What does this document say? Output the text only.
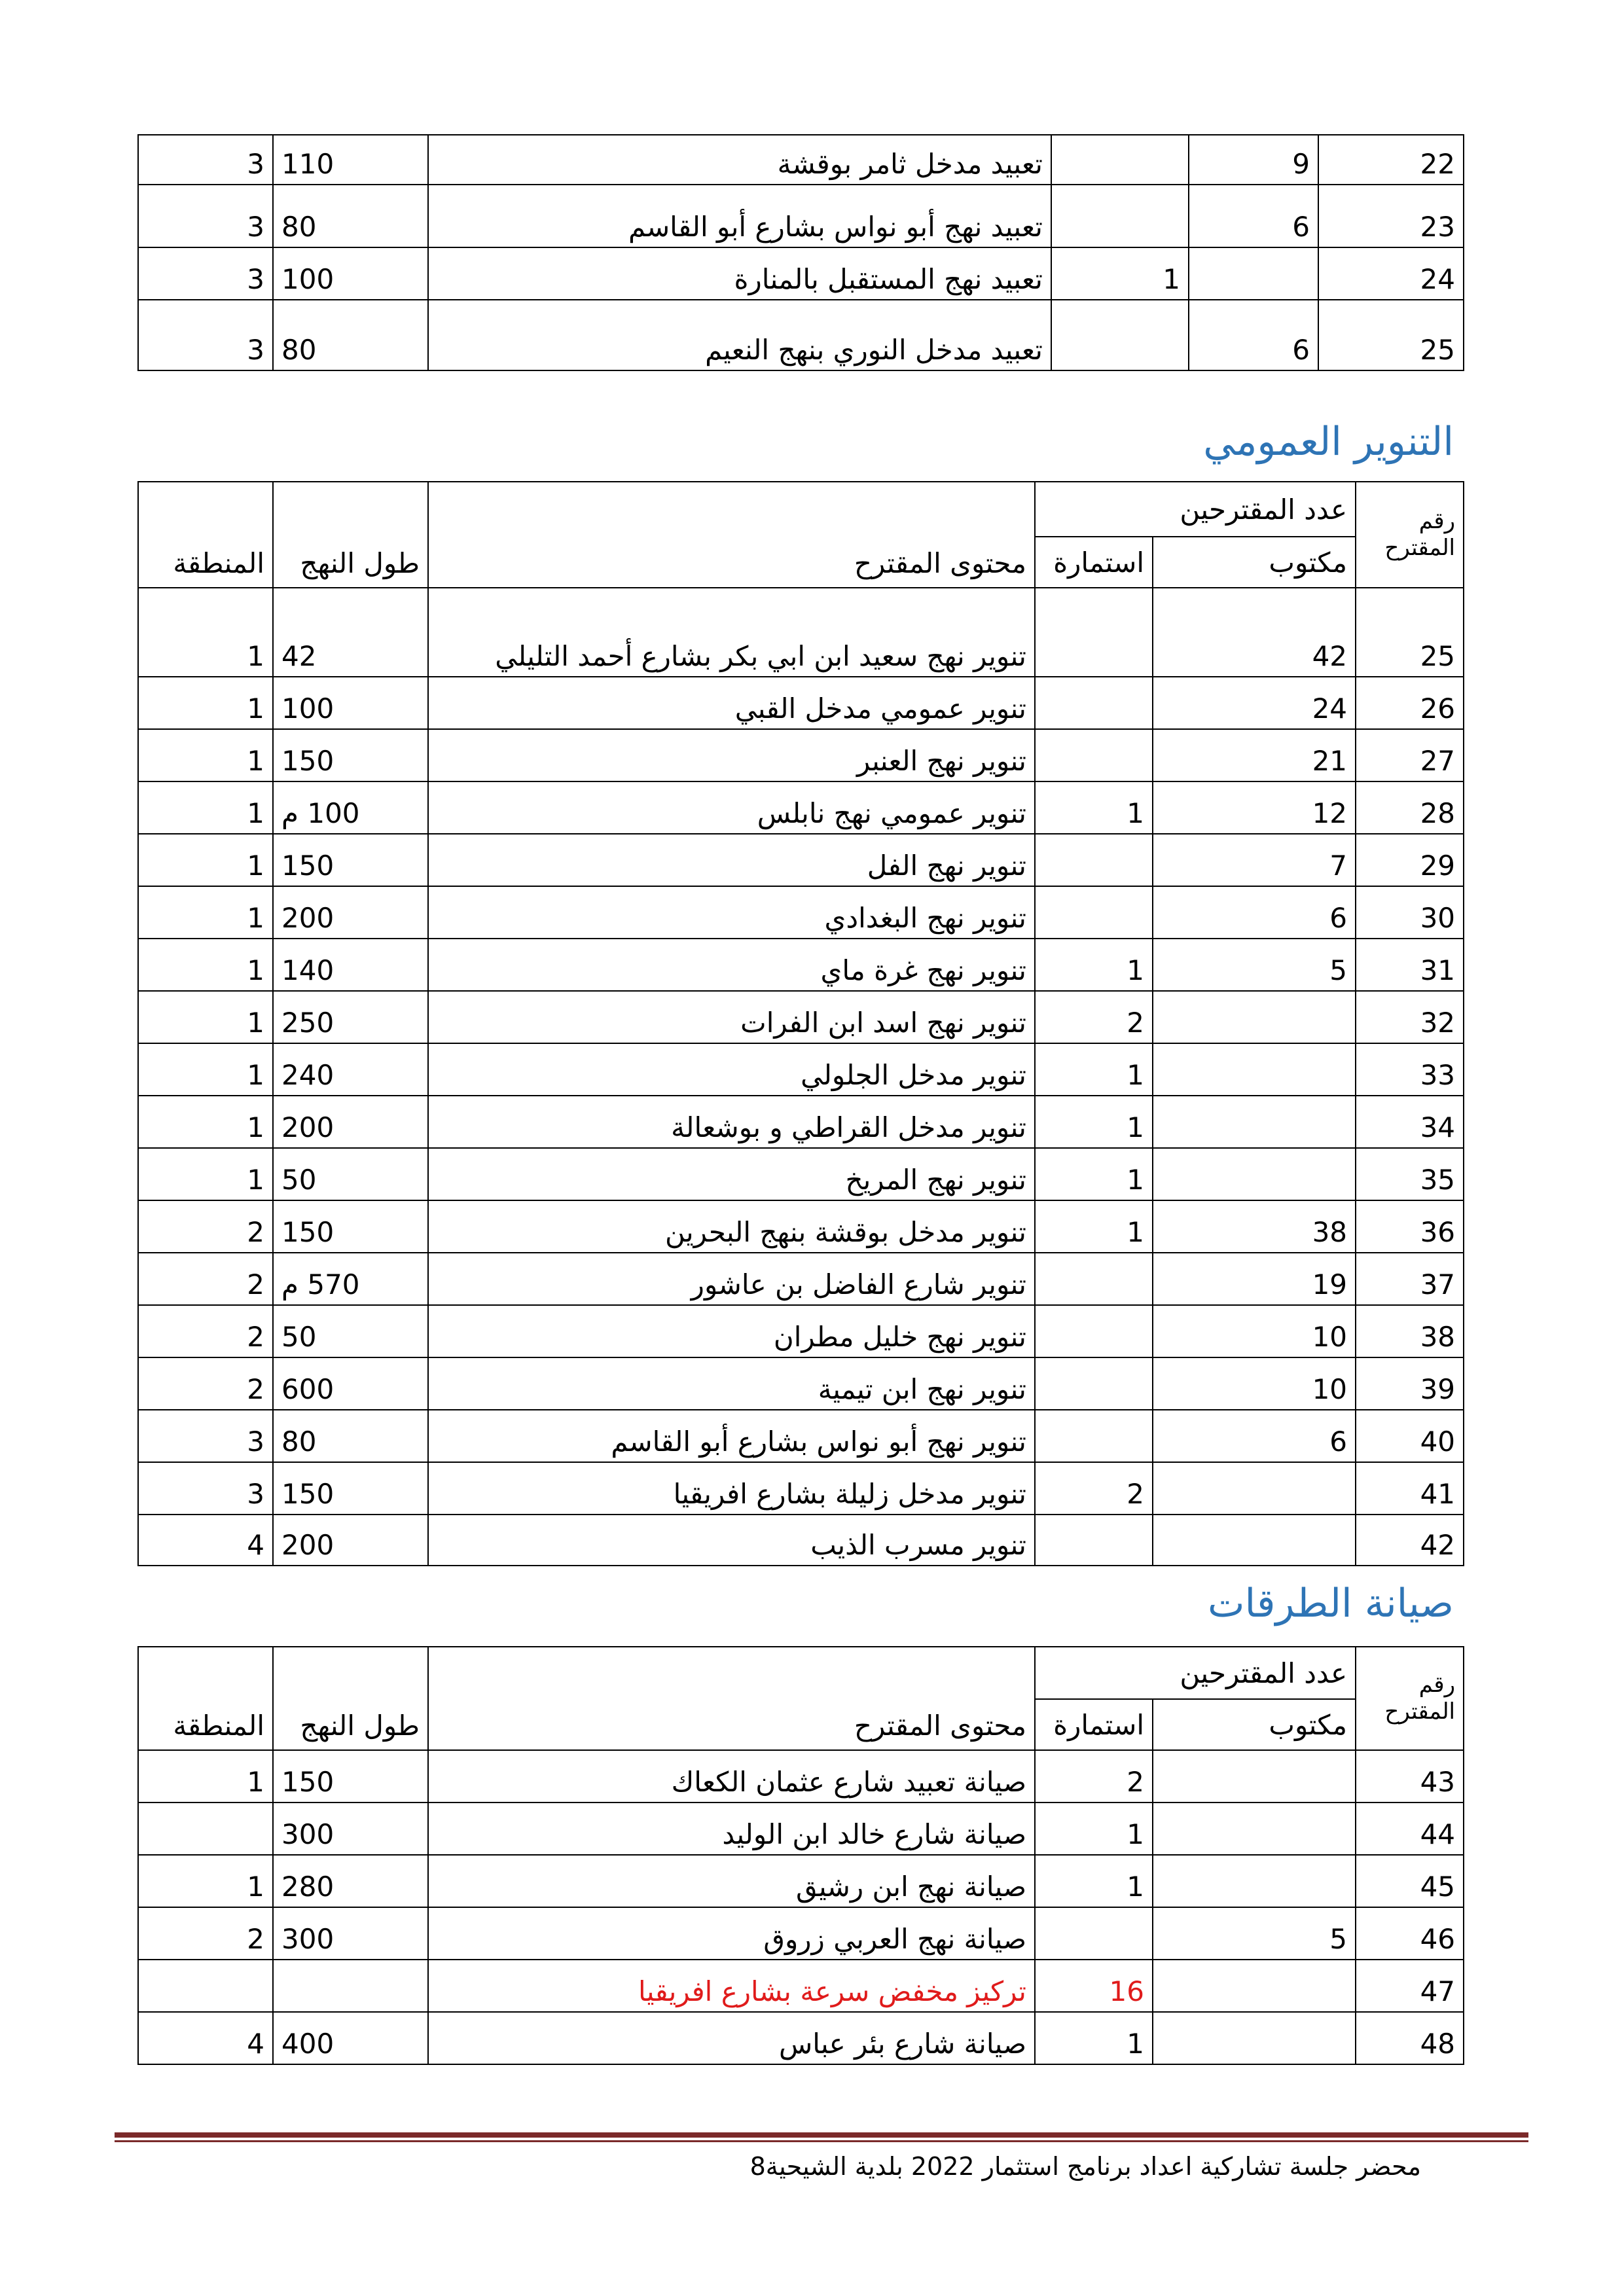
3	110	تعبيد مدخل ثامر بوقشة		9	22
3	80	تعبيد نهج أبو نواس بشارع أبو القاسم		6	23
3	100	تعبيد نهج المستقبل بالمنارة	1		24
3	80	تعبيد مدخل النوري بنهج النعيم		6	25
التنوير العمومي
المنطقة	طول النهج	محتوى المقترح	عدد المقترحين		رقم المقترح
			استمارة	مكتوب	
1	42	تنوير نهج سعيد ابن ابي بكر بشارع أحمد التليلي		42	25
1	100	تنوير عمومي مدخل القبي		24	26
1	150	تنوير نهج العنبر		21	27
1	100 م	تنوير عمومي نهج نابلس	1	12	28
1	150	تنوير نهج الفل		7	29
1	200	تنوير نهج البغدادي		6	30
1	140	تنوير نهج غرة ماي	1	5	31
1	250	تنوير نهج اسد ابن الفرات	2		32
1	240	تنوير مدخل الجلولي	1		33
1	200	تنوير مدخل القراطي و بوشعالة	1		34
1	50	تنوير نهج المريخ	1		35
2	150	تنوير مدخل بوقشة بنهج البحرين	1	38	36
2	570 م	تنوير شارع الفاضل بن عاشور		19	37
2	50	تنوير نهج خليل مطران		10	38
2	600	تنوير نهج ابن تيمية		10	39
3	80	تنوير نهج أبو نواس بشارع أبو القاسم		6	40
3	150	تنوير مدخل زليلة بشارع افريقيا	2		41
4	200	تنوير مسرب الذيب			42
صيانة الطرقات
المنطقة	طول النهج	محتوى المقترح	عدد المقترحين		رقم المقترح
			استمارة	مكتوب	
1	150	صيانة تعبيد شارع عثمان الكعاك	2		43
	300	صيانة شارع خالد ابن الوليد	1		44
1	280	صيانة نهج ابن رشيق	1		45
2	300	صيانة نهج العربي زروق		5	46
		تركيز مخفض سرعة بشارع افريقيا	16		47
4	400	صيانة شارع بئر عباس	1		48
محضر جلسة تشاركية اعداد برنامج استثمار 2022 بلدية الشيحية8
